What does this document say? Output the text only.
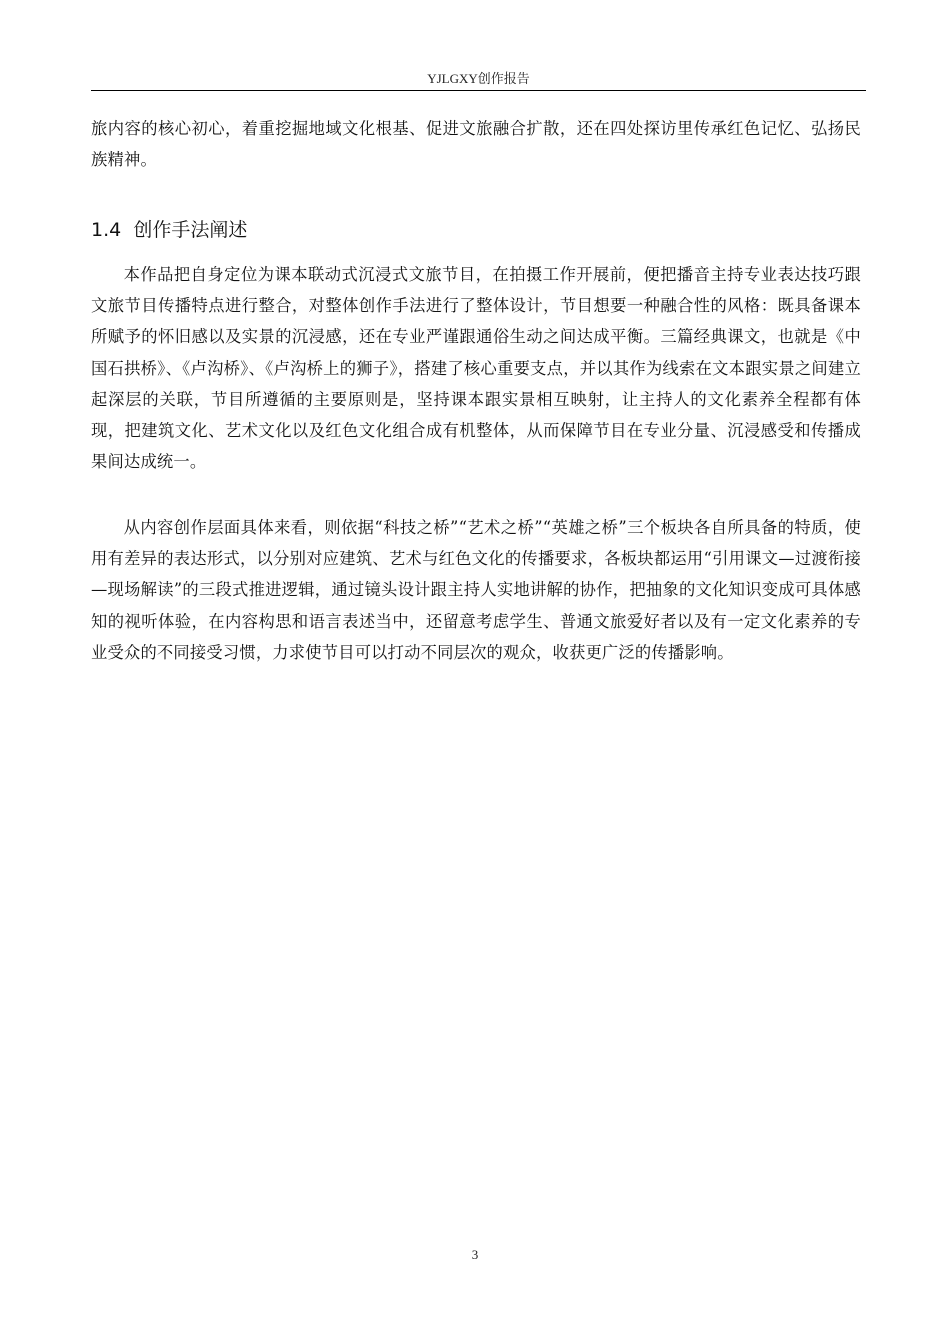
YJLGXY创作报告

旅内容的核心初心，着重挖掘地域文化根基、促进文旅融合扩散，还在四处探访里传承红色记忆、弘扬民族精神。

1.4 创作手法阐述

本作品把自身定位为课本联动式沉浸式文旅节目，在拍摄工作开展前，便把播音主持专业表达技巧跟文旅节目传播特点进行整合，对整体创作手法进行了整体设计，节目想要一种融合性的风格：既具备课本所赋予的怀旧感以及实景的沉浸感，还在专业严谨跟通俗生动之间达成平衡。三篇经典课文，也就是《中国石拱桥》、《卢沟桥》、《卢沟桥上的狮子》，搭建了核心重要支点，并以其作为线索在文本跟实景之间建立起深层的关联，节目所遵循的主要原则是，坚持课本跟实景相互映射，让主持人的文化素养全程都有体现，把建筑文化、艺术文化以及红色文化组合成有机整体，从而保障节目在专业分量、沉浸感受和传播成果间达成统一。

从内容创作层面具体来看，则依据“科技之桥”“艺术之桥”“英雄之桥”三个板块各自所具备的特质，使用有差异的表达形式，以分别对应建筑、艺术与红色文化的传播要求，各板块都运用“引用课文—过渡衔接—现场解读”的三段式推进逻辑，通过镜头设计跟主持人实地讲解的协作，把抽象的文化知识变成可具体感知的视听体验，在内容构思和语言表述当中，还留意考虑学生、普通文旅爱好者以及有一定文化素养的专业受众的不同接受习惯，力求使节目可以打动不同层次的观众，收获更广泛的传播影响。

3
